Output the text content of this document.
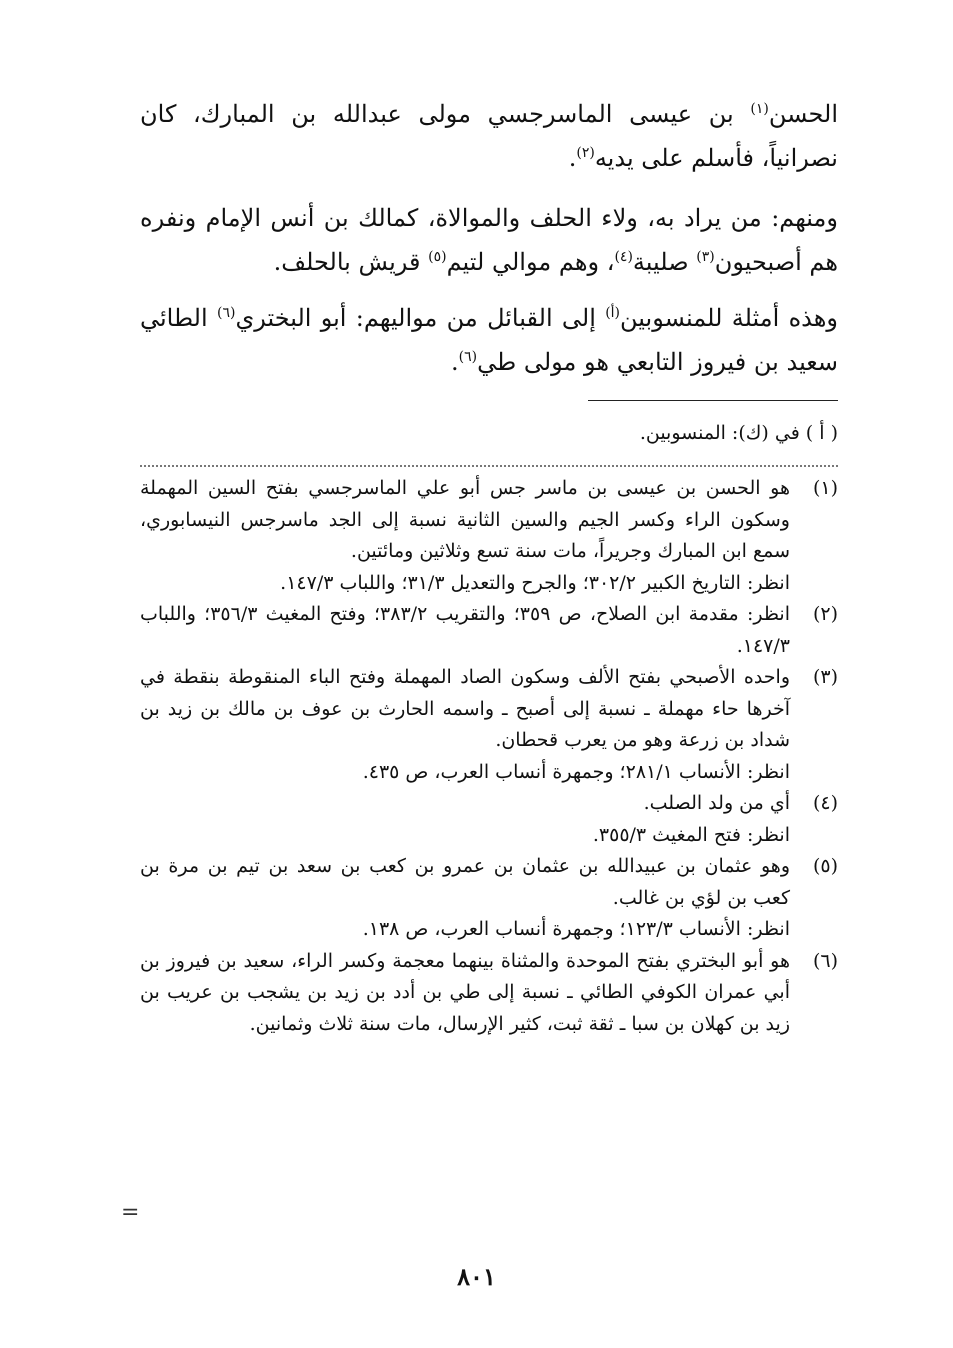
الحسن$^{(١)}$ بن عيسى الماسرجسي مولى عبدالله بن المبارك، كان نصرانياً، فأسلم على يديه$^{(٢)}$.

ومنهم: من يراد به، ولاء الحلف والموالاة، كمالك بن أنس الإمام ونفره هم أصبحيون$^{(٣)}$ صليبة$^{(٤)}$، وهم موالي لتيم$^{(٥)}$ قريش بالحلف.

وهذه أمثلة للمنسوبين$^{(أ)}$ إلى القبائل من مواليهم: أبو البختري$^{(٦)}$ الطائي سعيد بن فيروز التابعي هو مولى طي$^{(٦)}$.

( أ ) في (ك): المنسوبين.
(١)
هو الحسن بن عيسى بن ماسر جس أبو علي الماسرجسي بفتح السين المهملة وسكون الراء وكسر الجيم والسين الثانية نسبة إلى الجد ماسرجس النيسابوري، سمع ابن المبارك وجريراً، مات سنة تسع وثلاثين ومائتين.
انظر: التاريخ الكبير ٣٠٢/٢؛ والجرح والتعديل ٣١/٣؛ واللباب ١٤٧/٣.
(٢)
انظر: مقدمة ابن الصلاح، ص ٣٥٩؛ والتقريب ٣٨٣/٢؛ وفتح المغيث ٣٥٦/٣؛ واللباب ١٤٧/٣.
(٣)
واحده الأصبحي بفتح الألف وسكون الصاد المهملة وفتح الباء المنقوطة بنقطة في آخرها حاء مهملة ـ نسبة إلى أصبح ـ واسمه الحارث بن عوف بن مالك بن زيد بن شداد بن زرعة وهو من يعرب قحطان.
انظر: الأنساب ٢٨١/١؛ وجمهرة أنساب العرب، ص ٤٣٥.
(٤)
أي من ولد الصلب.
انظر: فتح المغيث ٣٥٥/٣.
(٥)
وهو عثمان بن عبيدالله بن عثمان بن عمرو بن كعب بن سعد بن تيم بن مرة بن كعب بن لؤي بن غالب.
انظر: الأنساب ١٢٣/٣؛ وجمهرة أنساب العرب، ص ١٣٨.
(٦)
هو أبو البختري بفتح الموحدة والمثناة بينهما معجمة وكسر الراء، سعيد بن فيروز بن أبي عمران الكوفي الطائي ـ نسبة إلى طي بن أدد بن زيد بن يشجب بن عريب بن زيد بن كهلان بن سبا ـ ثقة ثبت، كثير الإرسال، مات سنة ثلاث وثمانين.
=
٨٠١
